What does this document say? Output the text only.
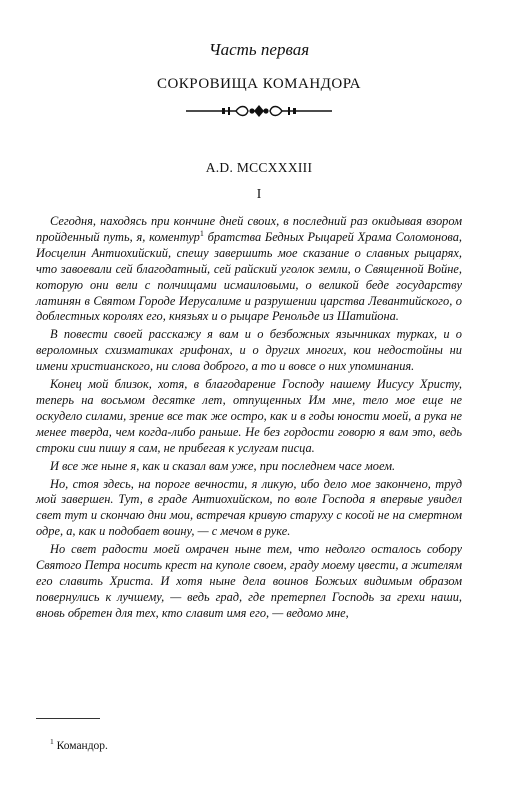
Часть первая
СОКРОВИЩА КОМАНДОРА
A.D. MCCXXXIII
I

Сегодня, находясь при кончине дней своих, в последний раз окидывая взором пройденный путь, я, коментур$^1$ братства Бедных Рыцарей Храма Соломонова, Иосцелин Антиохийский, спешу завершить мое сказание о славных рыцарях, что завоевали сей благодатный, сей райский уголок земли, о Священной Войне, которую они вели с полчищами исмаиловыми, о великой беде государству латинян в Святом Городе Иерусалиме и разрушении царства Левантийского, о доблестных королях его, князьях и о рыцаре Ренольде из Шатийона.

В повести своей расскажу я вам и о безбожных язычниках турках, и о вероломных схизматиках грифонах, и о других многих, кои недостойны ни имени христианского, ни слова доброго, а то и вовсе о них упоминания.

Конец мой близок, хотя, в благодарение Господу нашему Иисусу Христу, теперь на восьмом десятке лет, отпущенных Им мне, тело мое еще не оскудело силами, зрение все так же остро, как и в годы юности моей, а рука не менее тверда, чем когда-либо раньше. Не без гордости говорю я вам это, ведь строки сии пишу я сам, не прибегая к услугам писца.

И все же ныне я, как и сказал вам уже, при последнем часе моем.

Но, стоя здесь, на пороге вечности, я ликую, ибо дело мое закончено, труд мой завершен. Тут, в граде Антиохийском, по воле Господа я впервые увидел свет тут и скончаю дни мои, встречая кривую старуху с косой не на смертном одре, а, как и подобает воину, — с мечом в руке.

Но свет радости моей омрачен ныне тем, что недолго осталось собору Святого Петра носить крест на куполе своем, граду моему цвести, а жителям его славить Христа. И хотя ныне дела воинов Божьих видимым образом повернулись к лучшему, — ведь град, где претерпел Господь за грехи наши, вновь обретен для тех, кто славит имя его, — ведомо мне,

$^1$ Командор.
